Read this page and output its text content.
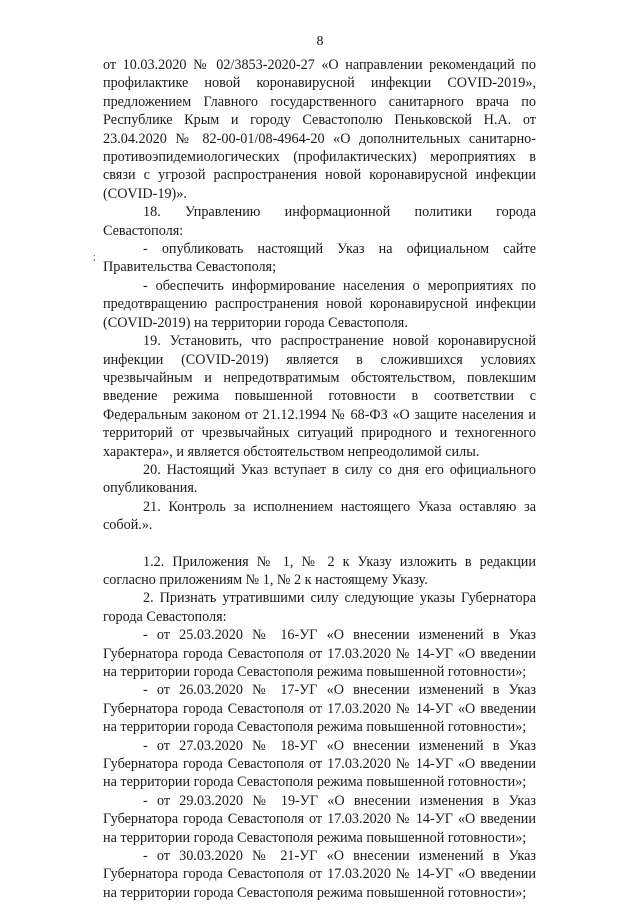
8
;

от 10.03.2020 № 02/3853-2020-27 «О направлении рекомендаций по профилактике новой коронавирусной инфекции COVID-2019», предложением Главного государственного санитарного врача по Республике Крым и городу Севастополю Пеньковской Н.А. от 23.04.2020 № 82-00-01/08-4964-20 «О дополнительных санитарно-противоэпидемиологических (профилактических) мероприятиях в связи с угрозой распространения новой коронавирусной инфекции (COVID-19)».

18. Управлению информационной политики города Севастополя:

- опубликовать настоящий Указ на официальном сайте Правительства Севастополя;

- обеспечить информирование населения о мероприятиях по предотвращению распространения новой коронавирусной инфекции (COVID-2019) на территории города Севастополя.

19. Установить, что распространение новой коронавирусной инфекции (COVID-2019) является в сложившихся условиях чрезвычайным и непредотвратимым обстоятельством, повлекшим введение режима повышенной готовности в соответствии с Федеральным законом от 21.12.1994 № 68-ФЗ «О защите населения и территорий от чрезвычайных ситуаций природного и техногенного характера», и является обстоятельством непреодолимой силы.

20. Настоящий Указ вступает в силу со дня его официального опубликования.

21. Контроль за исполнением настоящего Указа оставляю за собой.».

1.2. Приложения № 1, № 2 к Указу изложить в редакции согласно приложениям № 1, № 2 к настоящему Указу.

2. Признать утратившими силу следующие указы Губернатора города Севастополя:

- от 25.03.2020 № 16-УГ «О внесении изменений в Указ Губернатора города Севастополя от 17.03.2020 № 14-УГ «О введении на территории города Севастополя режима повышенной готовности»;

- от 26.03.2020 № 17-УГ «О внесении изменений в Указ Губернатора города Севастополя от 17.03.2020 № 14-УГ «О введении на территории города Севастополя режима повышенной готовности»;

- от 27.03.2020 № 18-УГ «О внесении изменений в Указ Губернатора города Севастополя от 17.03.2020 № 14-УГ «О введении на территории города Севастополя режима повышенной готовности»;

- от 29.03.2020 № 19-УГ «О внесении изменения в Указ Губернатора города Севастополя от 17.03.2020 № 14-УГ «О введении на территории города Севастополя режима повышенной готовности»;

- от 30.03.2020 № 21-УГ «О внесении изменений в Указ Губернатора города Севастополя от 17.03.2020 № 14-УГ «О введении на территории города Севастополя режима повышенной готовности»;
